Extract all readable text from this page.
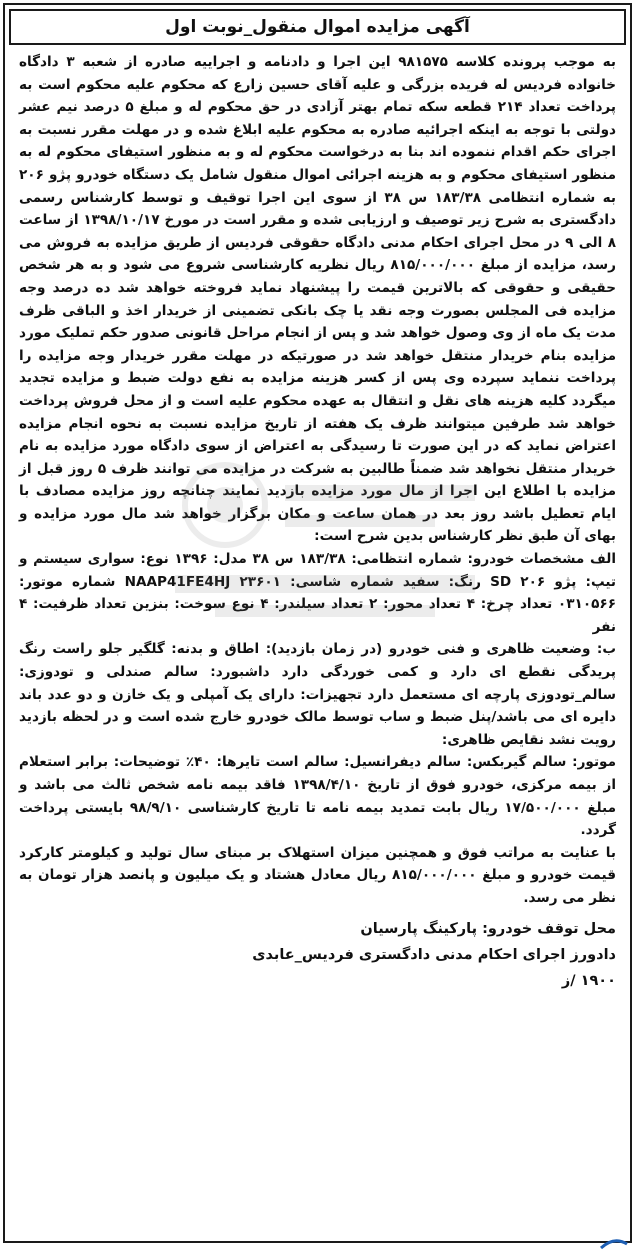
آگهی مزایده اموال منقول_نوبت اول

به موجب پرونده کلاسه ۹۸۱۵۷۵ این اجرا و دادنامه و اجراییه صادره از شعبه ۳ دادگاه خانواده فردیس له فریده بزرگی و علیه آقای حسین زارع که محکوم علیه محکوم است به پرداخت تعداد ۲۱۴ قطعه سکه تمام بهتر آزادی در حق محکوم له و مبلغ ۵ درصد نیم عشر دولتی با توجه به اینکه اجرائیه صادره به محکوم علیه ابلاغ شده و در مهلت مقرر نسبت به اجرای حکم اقدام ننموده اند بنا به درخواست محکوم له و به منظور استیفای محکوم له به منظور استیفای محکوم و به هزینه اجرائی اموال منقول شامل یک دستگاه خودرو پژو ۲۰۶ به شماره انتظامی ۱۸۳/۳۸ س ۳۸ از سوی این اجرا توقیف و توسط کارشناس رسمی دادگستری به شرح زیر توصیف و ارزیابی شده و مقرر است در مورخ ۱۳۹۸/۱۰/۱۷ از ساعت ۸ الی ۹ در محل اجرای احکام مدنی دادگاه حقوقی فردیس از طریق مزایده به فروش می رسد، مزایده از مبلغ ۸۱۵/۰۰۰/۰۰۰ ریال نظریه کارشناسی شروع می شود و به هر شخص حقیقی و حقوقی که بالاترین قیمت را پیشنهاد نماید فروخته خواهد شد ده درصد وجه مزایده فی المجلس بصورت وجه نقد یا چک بانکی تضمینی از خریدار اخذ و الباقی ظرف مدت یک ماه از وی وصول خواهد شد و پس از انجام مراحل قانونی صدور حکم تملیک مورد مزایده بنام خریدار منتقل خواهد شد در صورتیکه در مهلت مقرر خریدار وجه مزایده را پرداخت ننماید سپرده وی پس از کسر هزینه مزایده به نفع دولت ضبط و مزایده تجدید میگردد کلیه هزینه های نقل و انتقال به عهده محکوم علیه است و از محل فروش پرداخت خواهد شد طرفین میتوانند ظرف یک هفته از تاریخ مزایده نسبت به نحوه انجام مزایده اعتراض نماید که در این صورت تا رسیدگی به اعتراض از سوی دادگاه مورد مزایده به نام خریدار منتقل نخواهد شد ضمناً طالبین به شرکت در مزایده می توانند ظرف ۵ روز قبل از مزایده با اطلاع این اجرا از مال مورد مزایده بازدید نمایند چنانچه روز مزایده مصادف با ایام تعطیل باشد روز بعد در همان ساعت و مکان برگزار خواهد شد مال مورد مزایده و بهای آن طبق نظر کارشناس بدین شرح است:

الف مشخصات خودرو: شماره انتظامی: ۱۸۳/۳۸ س ۳۸ مدل: ۱۳۹۶ نوع: سواری سیستم و تیپ: پژو ۲۰۶ SD رنگ: سفید شماره شاسی: NAAP41FE4HJ ۲۳۶۰۱ شماره موتور: ۰۳۱۰۵۶۶ تعداد چرخ: ۴ تعداد محور: ۲ تعداد سیلندر: ۴ نوع سوخت: بنزین تعداد ظرفیت: ۴ نفر

ب: وضعیت ظاهری و فنی خودرو (در زمان بازدید): اطاق و بدنه: گلگیر جلو راست رنگ پریدگی نقطع ای دارد و کمی خوردگی دارد داشبورد: سالم صندلی و تودوزی: سالم_تودوزی پارچه ای مستعمل دارد تجهیزات: دارای یک آمپلی و یک خازن و دو عدد باند دایره ای می باشد/پنل ضبط و ساب توسط مالک خودرو خارج شده است و در لحظه بازدید رویت نشد نقایص ظاهری:

موتور: سالم گیربکس: سالم دیفرانسیل: سالم است تایرها: ۴۰٪ توضیحات: برابر استعلام از بیمه مرکزی، خودرو فوق از تاریخ ۱۳۹۸/۴/۱۰ فاقد بیمه نامه شخص ثالث می باشد و مبلغ ۱۷/۵۰۰/۰۰۰ ریال بابت تمدید بیمه نامه تا تاریخ کارشناسی ۹۸/۹/۱۰ بایستی پرداخت گردد.

با عنایت به مراتب فوق و همچنین میزان استهلاک بر مبنای سال تولید و کیلومتر کارکرد قیمت خودرو و مبلغ ۸۱۵/۰۰۰/۰۰۰ ریال معادل هشتاد و یک میلیون و پانصد هزار تومان به نظر می رسد.

محل توقف خودرو: پارکینگ پارسیان
دادورز اجرای احکام مدنی دادگستری فردیس_عابدی
۱۹۰۰ /ز
